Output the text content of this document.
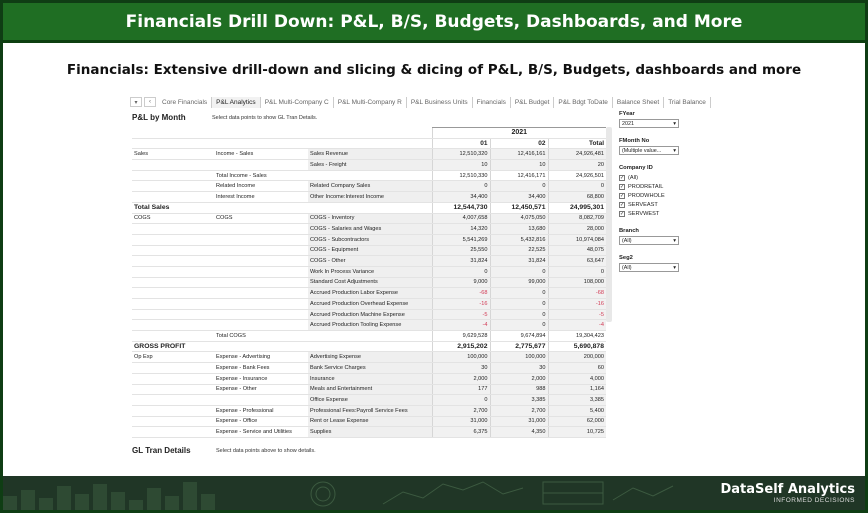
Financials Drill Down: P&L, B/S, Budgets, Dashboards, and More
Financials: Extensive drill-down and slicing & dicing of P&L, B/S, Budgets, dashboards and more
▾	‹	Core Financials	P&L Analytics	P&L Multi-Company C	P&L Multi-Company R	P&L Business Units	Financials	P&L Budget	P&L Bdgt ToDate	Balance Sheet	Trial Balance
P&L by Month	Select data points to show GL Tran Details.
			2021		
			01	02	Total
Sales	Income - Sales	Sales Revenue	12,510,320	12,416,161	24,926,481
		Sales - Freight	10	10	20
	Total Income - Sales		12,510,330	12,416,171	24,926,501
	Related Income	Related Company Sales	0	0	0
	Interest Income	Other Income:Interest Income	34,400	34,400	68,800
Total Sales			12,544,730	12,450,571	24,995,301
COGS	COGS	COGS - Inventory	4,007,658	4,075,050	8,082,709
		COGS - Salaries and Wages	14,320	13,680	28,000
		COGS - Subcontractors	5,541,269	5,432,816	10,974,084
		COGS - Equipment	25,550	22,525	48,075
		COGS - Other	31,824	31,824	63,647
		Work In Process Variance	0	0	0
		Standard Cost Adjustments	9,000	99,000	108,000
		Accrued Production Labor Expense	-68	0	-68
		Accrued Production Overhead Expense	-16	0	-16
		Accrued Production Machine Expense	-5	0	-5
		Accrued Production Tooling Expense	-4	0	-4
	Total COGS		9,629,528	9,674,894	19,304,423
GROSS PROFIT			2,915,202	2,775,677	5,690,878
Op Exp	Expense - Advertising	Advertising Expense	100,000	100,000	200,000
	Expense - Bank Fees	Bank Service Charges	30	30	60
	Expense - Insurance	Insurance	2,000	2,000	4,000
	Expense - Other	Meals and Entertainment	177	988	1,164
		Office Expense	0	3,385	3,385
	Expense - Professional	Professional Fees:Payroll Service Fees	2,700	2,700	5,400
	Expense - Office	Rent or Lease Expense	31,000	31,000	62,000
	Expense - Service and Utilities	Supplies	6,375	4,350	10,725
FYear
2021	▾
FMonth No
(Multiple value... ▾
Company ID
✓ (All)
✓ PRODRETAIL
✓ PRODWHOLE
✓ SERVEAST
✓ SERVWEST
Branch
(All)	▾
Seg2
(All)	▾
GL Tran Details	Select data points above to show details.
DataSelf Analytics
INFORMED DECISIONS
